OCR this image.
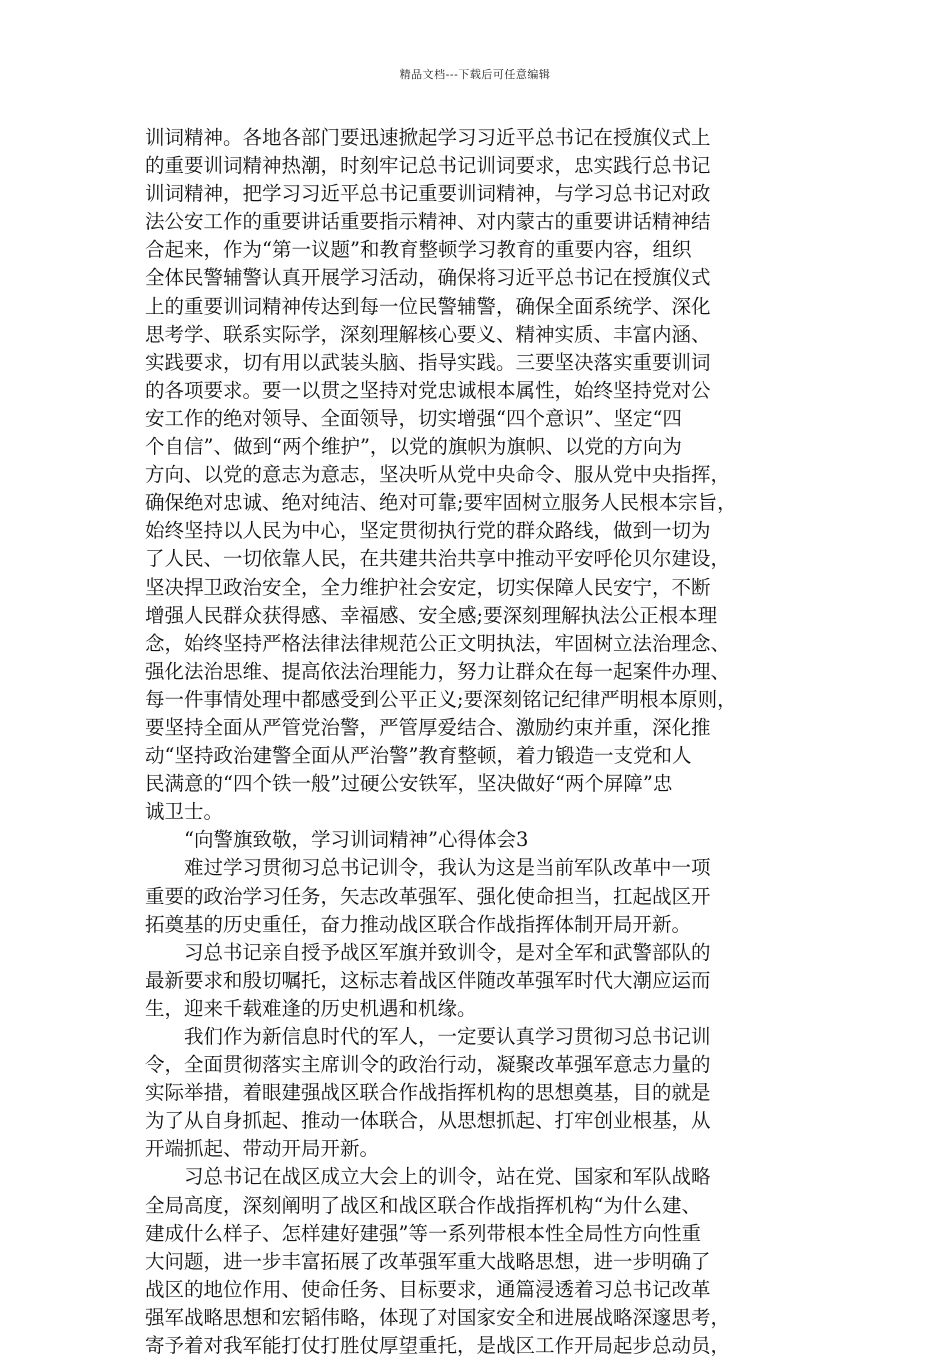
精品文档---下载后可任意编辑
训词精神。各地各部门要迅速掀起学习习近平总书记在授旗仪式上
的重要训词精神热潮，时刻牢记总书记训词要求，忠实践行总书记
训词精神，把学习习近平总书记重要训词精神，与学习总书记对政
法公安工作的重要讲话重要指示精神、对内蒙古的重要讲话精神结
合起来，作为“第一议题”和教育整顿学习教育的重要内容，组织
全体民警辅警认真开展学习活动，确保将习近平总书记在授旗仪式
上的重要训词精神传达到每一位民警辅警，确保全面系统学、深化
思考学、联系实际学，深刻理解核心要义、精神实质、丰富内涵、
实践要求，切有用以武装头脑、指导实践。三要坚决落实重要训词
的各项要求。要一以贯之坚持对党忠诚根本属性，始终坚持党对公
安工作的绝对领导、全面领导，切实增强“四个意识”、坚定“四
个自信”、做到“两个维护”，以党的旗帜为旗帜、以党的方向为
方向、以党的意志为意志，坚决听从党中央命令、服从党中央指挥，
确保绝对忠诚、绝对纯洁、绝对可靠;要牢固树立服务人民根本宗旨，
始终坚持以人民为中心，坚定贯彻执行党的群众路线，做到一切为
了人民、一切依靠人民，在共建共治共享中推动平安呼伦贝尔建设，
坚决捍卫政治安全，全力维护社会安定，切实保障人民安宁，不断
增强人民群众获得感、幸福感、安全感;要深刻理解执法公正根本理
念，始终坚持严格法律法律规范公正文明执法，牢固树立法治理念、
强化法治思维、提高依法治理能力，努力让群众在每一起案件办理、
每一件事情处理中都感受到公平正义;要深刻铭记纪律严明根本原则，
要坚持全面从严管党治警，严管厚爱结合、激励约束并重，深化推
动“坚持政治建警全面从严治警”教育整顿，着力锻造一支党和人
民满意的“四个铁一般”过硬公安铁军，坚决做好“两个屏障”忠
诚卫士。
“向警旗致敬，学习训词精神”心得体会3
难过学习贯彻习总书记训令，我认为这是当前军队改革中一项
重要的政治学习任务，矢志改革强军、强化使命担当，扛起战区开
拓奠基的历史重任，奋力推动战区联合作战指挥体制开局开新。
习总书记亲自授予战区军旗并致训令，是对全军和武警部队的
最新要求和殷切嘱托，这标志着战区伴随改革强军时代大潮应运而
生，迎来千载难逢的历史机遇和机缘。
我们作为新信息时代的军人，一定要认真学习贯彻习总书记训
令，全面贯彻落实主席训令的政治行动，凝聚改革强军意志力量的
实际举措，着眼建强战区联合作战指挥机构的思想奠基，目的就是
为了从自身抓起、推动一体联合，从思想抓起、打牢创业根基，从
开端抓起、带动开局开新。
习总书记在战区成立大会上的训令，站在党、国家和军队战略
全局高度，深刻阐明了战区和战区联合作战指挥机构“为什么建、
建成什么样子、怎样建好建强”等一系列带根本性全局性方向性重
大问题，进一步丰富拓展了改革强军重大战略思想，进一步明确了
战区的地位作用、使命任务、目标要求，通篇浸透着习总书记改革
强军战略思想和宏韬伟略，体现了对国家安全和进展战略深邃思考，
寄予着对我军能打仗打胜仗厚望重托，是战区工作开局起步总动员，
